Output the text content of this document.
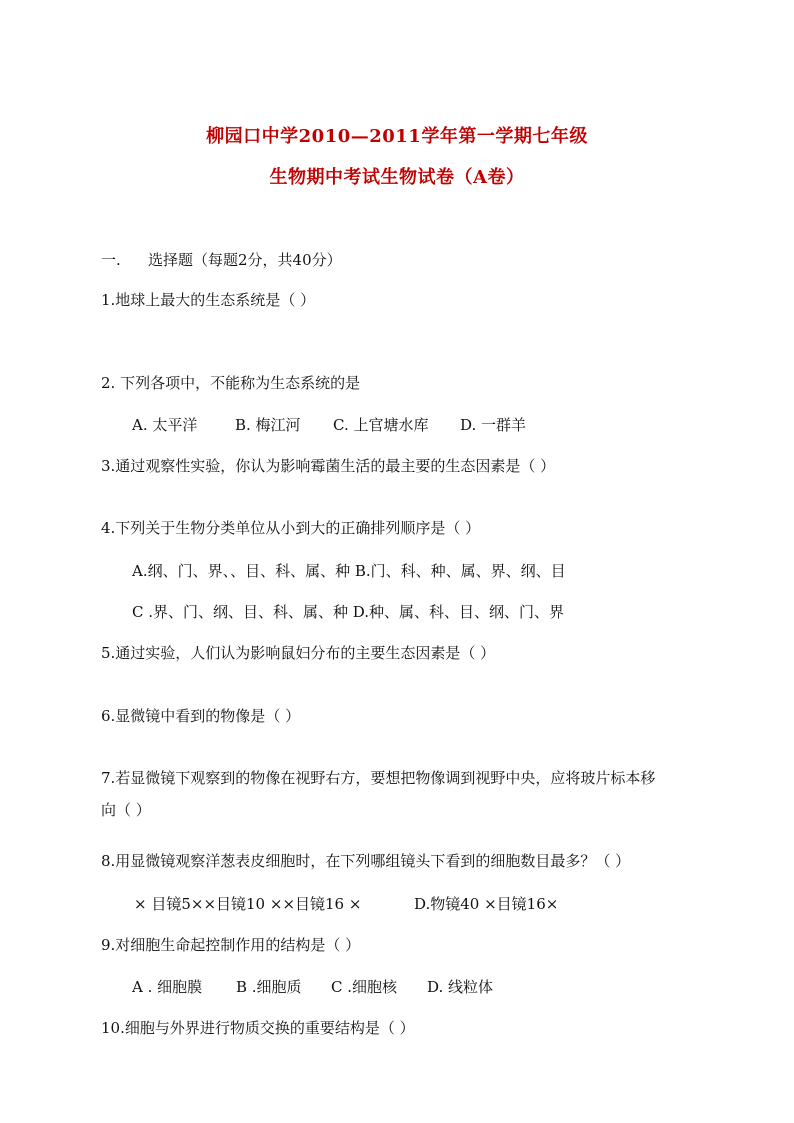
柳园口中学2010—2011学年第一学期七年级
生物期中考试生物试卷（A卷）
一. 选择题（每题2分，共40分）
1.地球上最大的生态系统是（ ）
2. 下列各项中，不能称为生态系统的是
A. 太平洋	B. 梅江河 C. 上官塘水库 D. 一群羊
3.通过观察性实验，你认为影响霉菌生活的最主要的生态因素是（ ）
4.下列关于生物分类单位从小到大的正确排列顺序是（ ）
A.纲、门、界、、目、科、属、种 B.门、科、种、属、界、纲、目
C .界、门、纲、目、科、属、种 D.种、属、科、目、纲、门、界
5.通过实验，人们认为影响鼠妇分布的主要生态因素是（ ）
6.显微镜中看到的物像是（ ）
7.若显微镜下观察到的物像在视野右方，要想把物像调到视野中央，应将玻片标本移
向（ ）
8.用显微镜观察洋葱表皮细胞时，在下列哪组镜头下看到的细胞数目最多？（ ）
× 目镜5××目镜10 ××目镜16 ×	D.物镜40 ×目镜16×
9.对细胞生命起控制作用的结构是（ ）
A . 细胞膜 B .细胞质 C .细胞核 D. 线粒体
10.细胞与外界进行物质交换的重要结构是（ ）
